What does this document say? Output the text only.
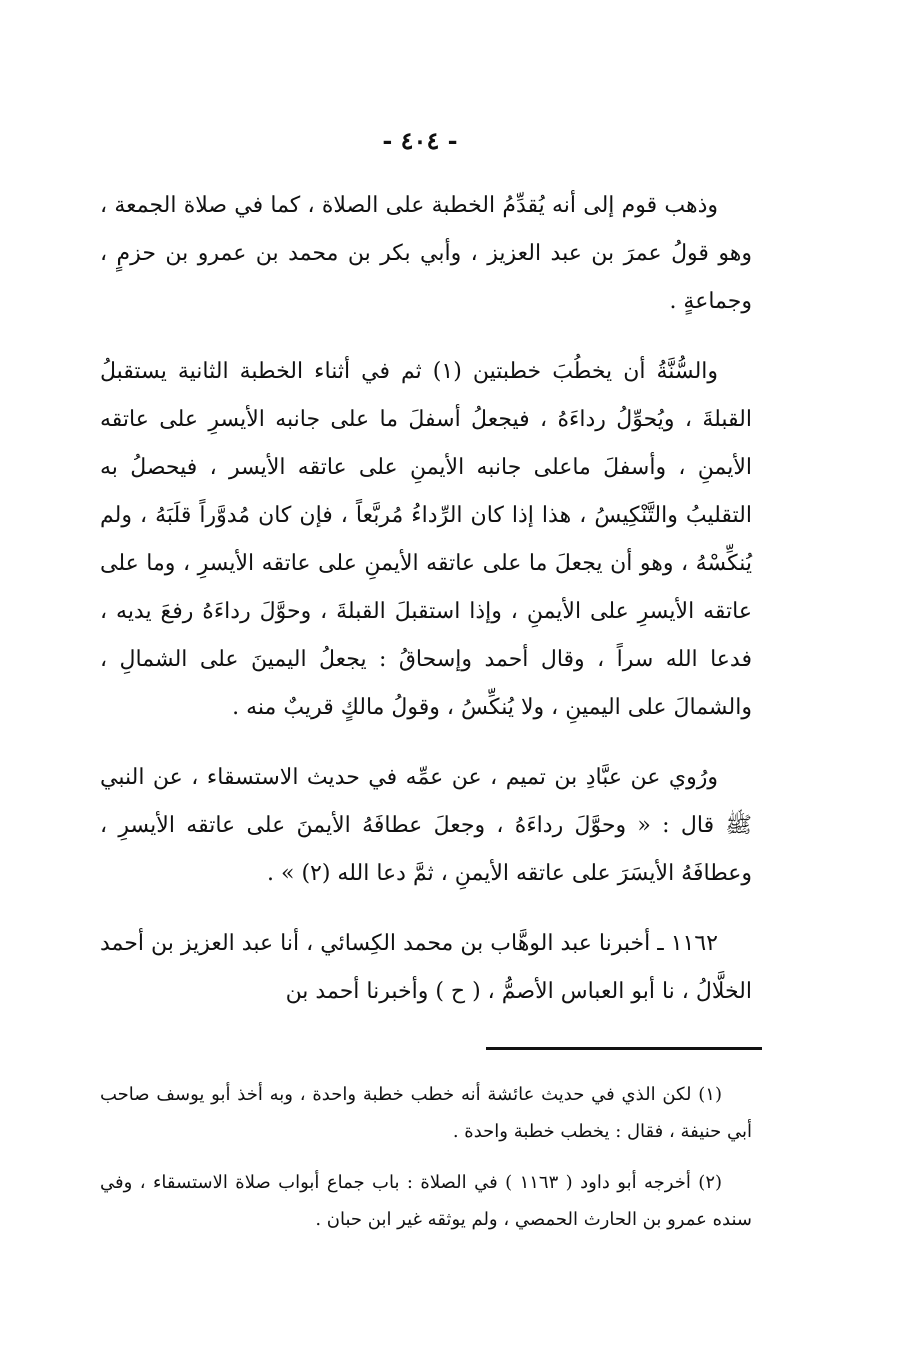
- ٤٠٤ -

وذهب قوم إلى أنه يُقدِّمُ الخطبة على الصلاة ، كما في صلاة الجمعة ، وهو قولُ عمرَ بن عبد العزيز ، وأبي بكر بن محمد بن عمرو بن حزمٍ ، وجماعةٍ .

والسُّنَّةُ أن يخطُبَ خطبتين (١) ثم في أثناء الخطبة الثانية يستقبلُ القبلةَ ، ويُحوِّلُ رداءَهُ ، فيجعلُ أسفلَ ما على جانبه الأيسرِ على عاتقه الأيمنِ ، وأسفلَ ماعلى جانبه الأيمنِ على عاتقه الأيسر ، فيحصلُ به التقليبُ والتَّنْكِيسُ ، هذا إذا كان الرِّداءُ مُربَّعاً ، فإن كان مُدوَّراً قلَبَهُ ، ولم يُنكِّسْهُ ، وهو أن يجعلَ ما على عاتقه الأيمنِ على عاتقه الأيسرِ ، وما على عاتقه الأيسرِ على الأيمنِ ، وإذا استقبلَ القبلةَ ، وحوَّلَ رداءَهُ رفعَ يديه ، فدعا الله سراً ، وقال أحمد وإسحاقُ : يجعلُ اليمينَ على الشمالِ ، والشمالَ على اليمينِ ، ولا يُنكِّسُ ، وقولُ مالكٍ قريبٌ منه .

ورُوي عن عبَّادِ بن تميم ، عن عمِّه في حديث الاستسقاء ، عن النبي ﷺ قال : « وحوَّلَ رداءَهُ ، وجعلَ عطافَهُ الأيمنَ على عاتقه الأيسرِ ، وعطافَهُ الأيسَرَ على عاتقه الأيمنِ ، ثمَّ دعا الله (٢) » .

١١٦٢ ـ أخبرنا عبد الوهَّاب بن محمد الكِسائي ، أنا عبد العزيز بن أحمد الخلَّالُ ، نا أبو العباس الأصمُّ ، ( ح ) وأخبرنا أحمد بن

(١) لكن الذي في حديث عائشة أنه خطب خطبة واحدة ، وبه أخذ أبو يوسف صاحب أبي حنيفة ، فقال : يخطب خطبة واحدة .

(٢) أخرجه أبو داود ( ١١٦٣ ) في الصلاة : باب جماع أبواب صلاة الاستسقاء ، وفي سنده عمرو بن الحارث الحمصي ، ولم يوثقه غير ابن حبان .
